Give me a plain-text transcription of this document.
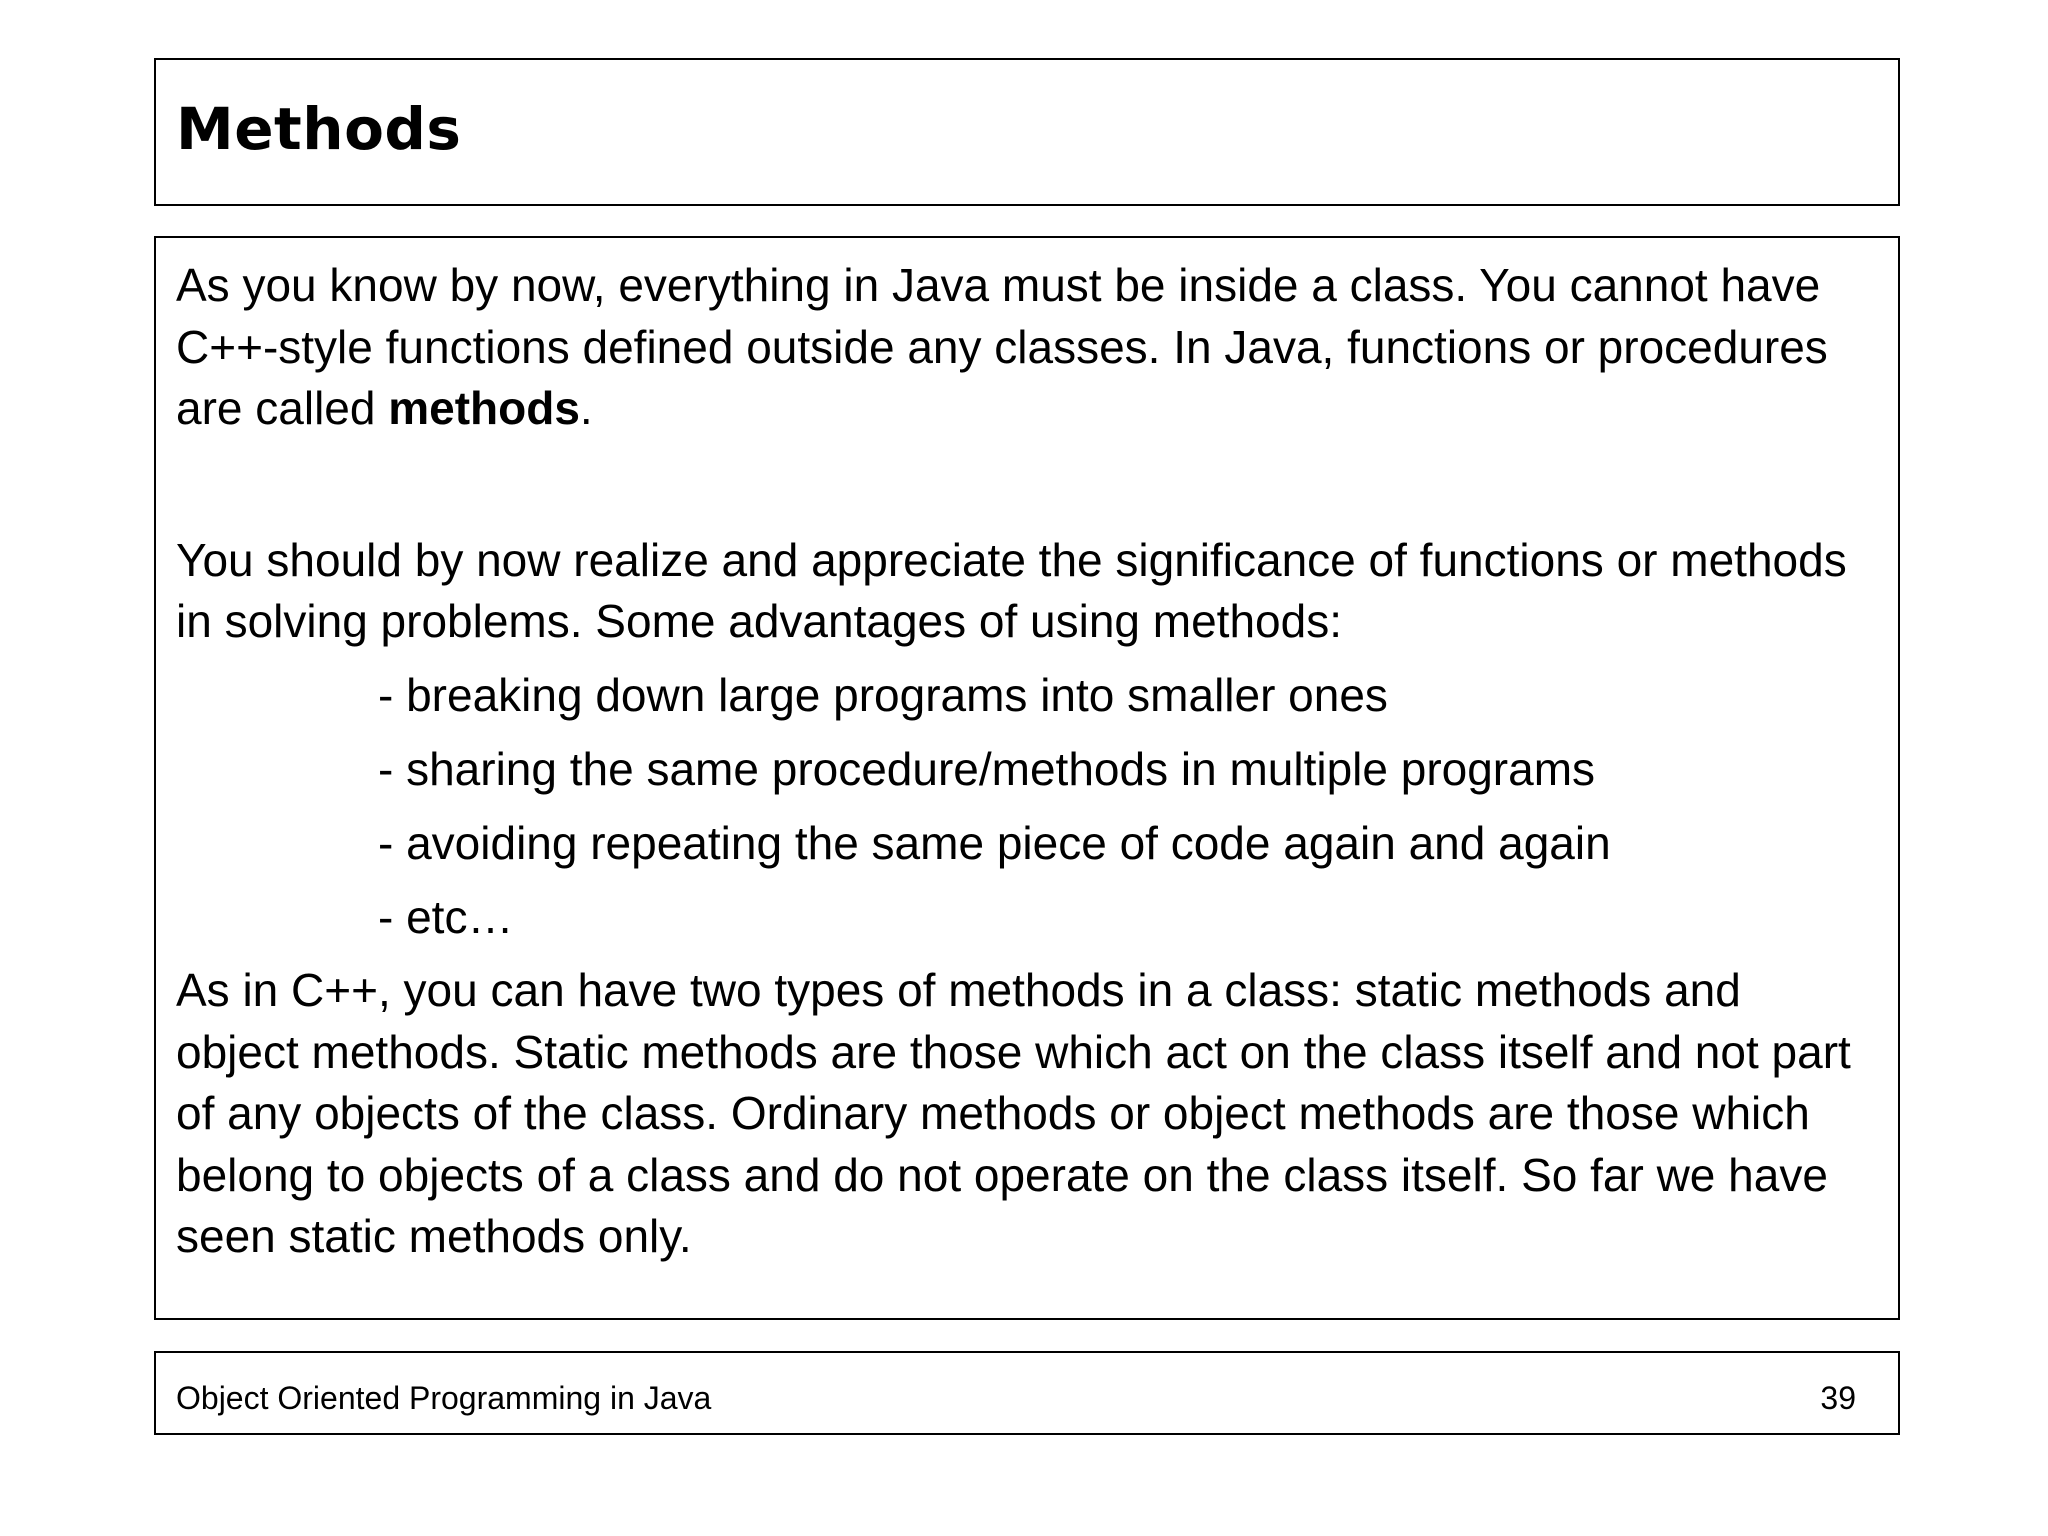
Methods

As you know by now, everything in Java must be inside a class. You cannot have C++-style functions defined outside any classes. In Java, functions or procedures are called methods.

You should by now realize and appreciate the significance of functions or methods in solving problems. Some advantages of using methods:

- breaking down large programs into smaller ones
- sharing the same procedure/methods in multiple programs
- avoiding repeating the same piece of code again and again
- etc…

As in C++, you can have two types of methods in a class: static methods and object methods. Static methods are those which act on the class itself and not part of any objects of the class. Ordinary methods or object methods are those which belong to objects of a class and do not operate on the class itself. So far we have seen static methods only.

Object Oriented Programming in Java	39
